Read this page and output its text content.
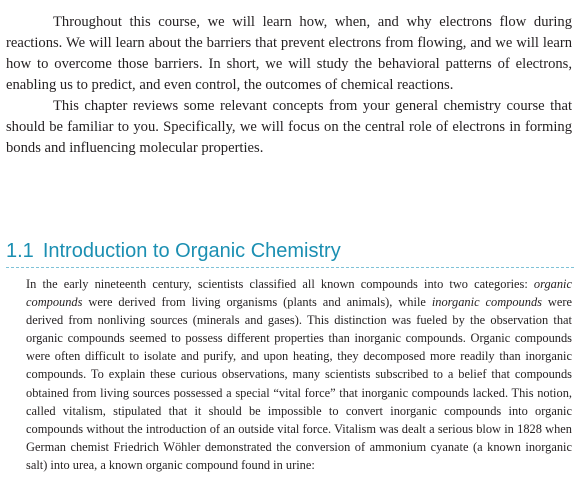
Throughout this course, we will learn how, when, and why electrons flow during reactions. We will learn about the barriers that prevent electrons from flowing, and we will learn how to overcome those barriers. In short, we will study the behavioral patterns of electrons, enabling us to predict, and even control, the outcomes of chemical reactions.

This chapter reviews some relevant concepts from your general chemistry course that should be familiar to you. Specifically, we will focus on the central role of electrons in forming bonds and influencing molecular properties.

1.1 Introduction to Organic Chemistry

In the early nineteenth century, scientists classified all known compounds into two categories: organic compounds were derived from living organisms (plants and animals), while inorganic compounds were derived from nonliving sources (minerals and gases). This distinction was fueled by the observation that organic compounds seemed to possess different properties than inorganic compounds. Organic compounds were often difficult to isolate and purify, and upon heating, they decomposed more readily than inorganic compounds. To explain these curious observations, many scientists subscribed to a belief that compounds obtained from living sources possessed a special “vital force” that inorganic compounds lacked. This notion, called vitalism, stipulated that it should be impossible to convert inorganic compounds into organic compounds without the introduction of an outside vital force. Vitalism was dealt a serious blow in 1828 when German chemist Friedrich Wöhler demonstrated the conversion of ammonium cyanate (a known inorganic salt) into urea, a known organic compound found in urine:
